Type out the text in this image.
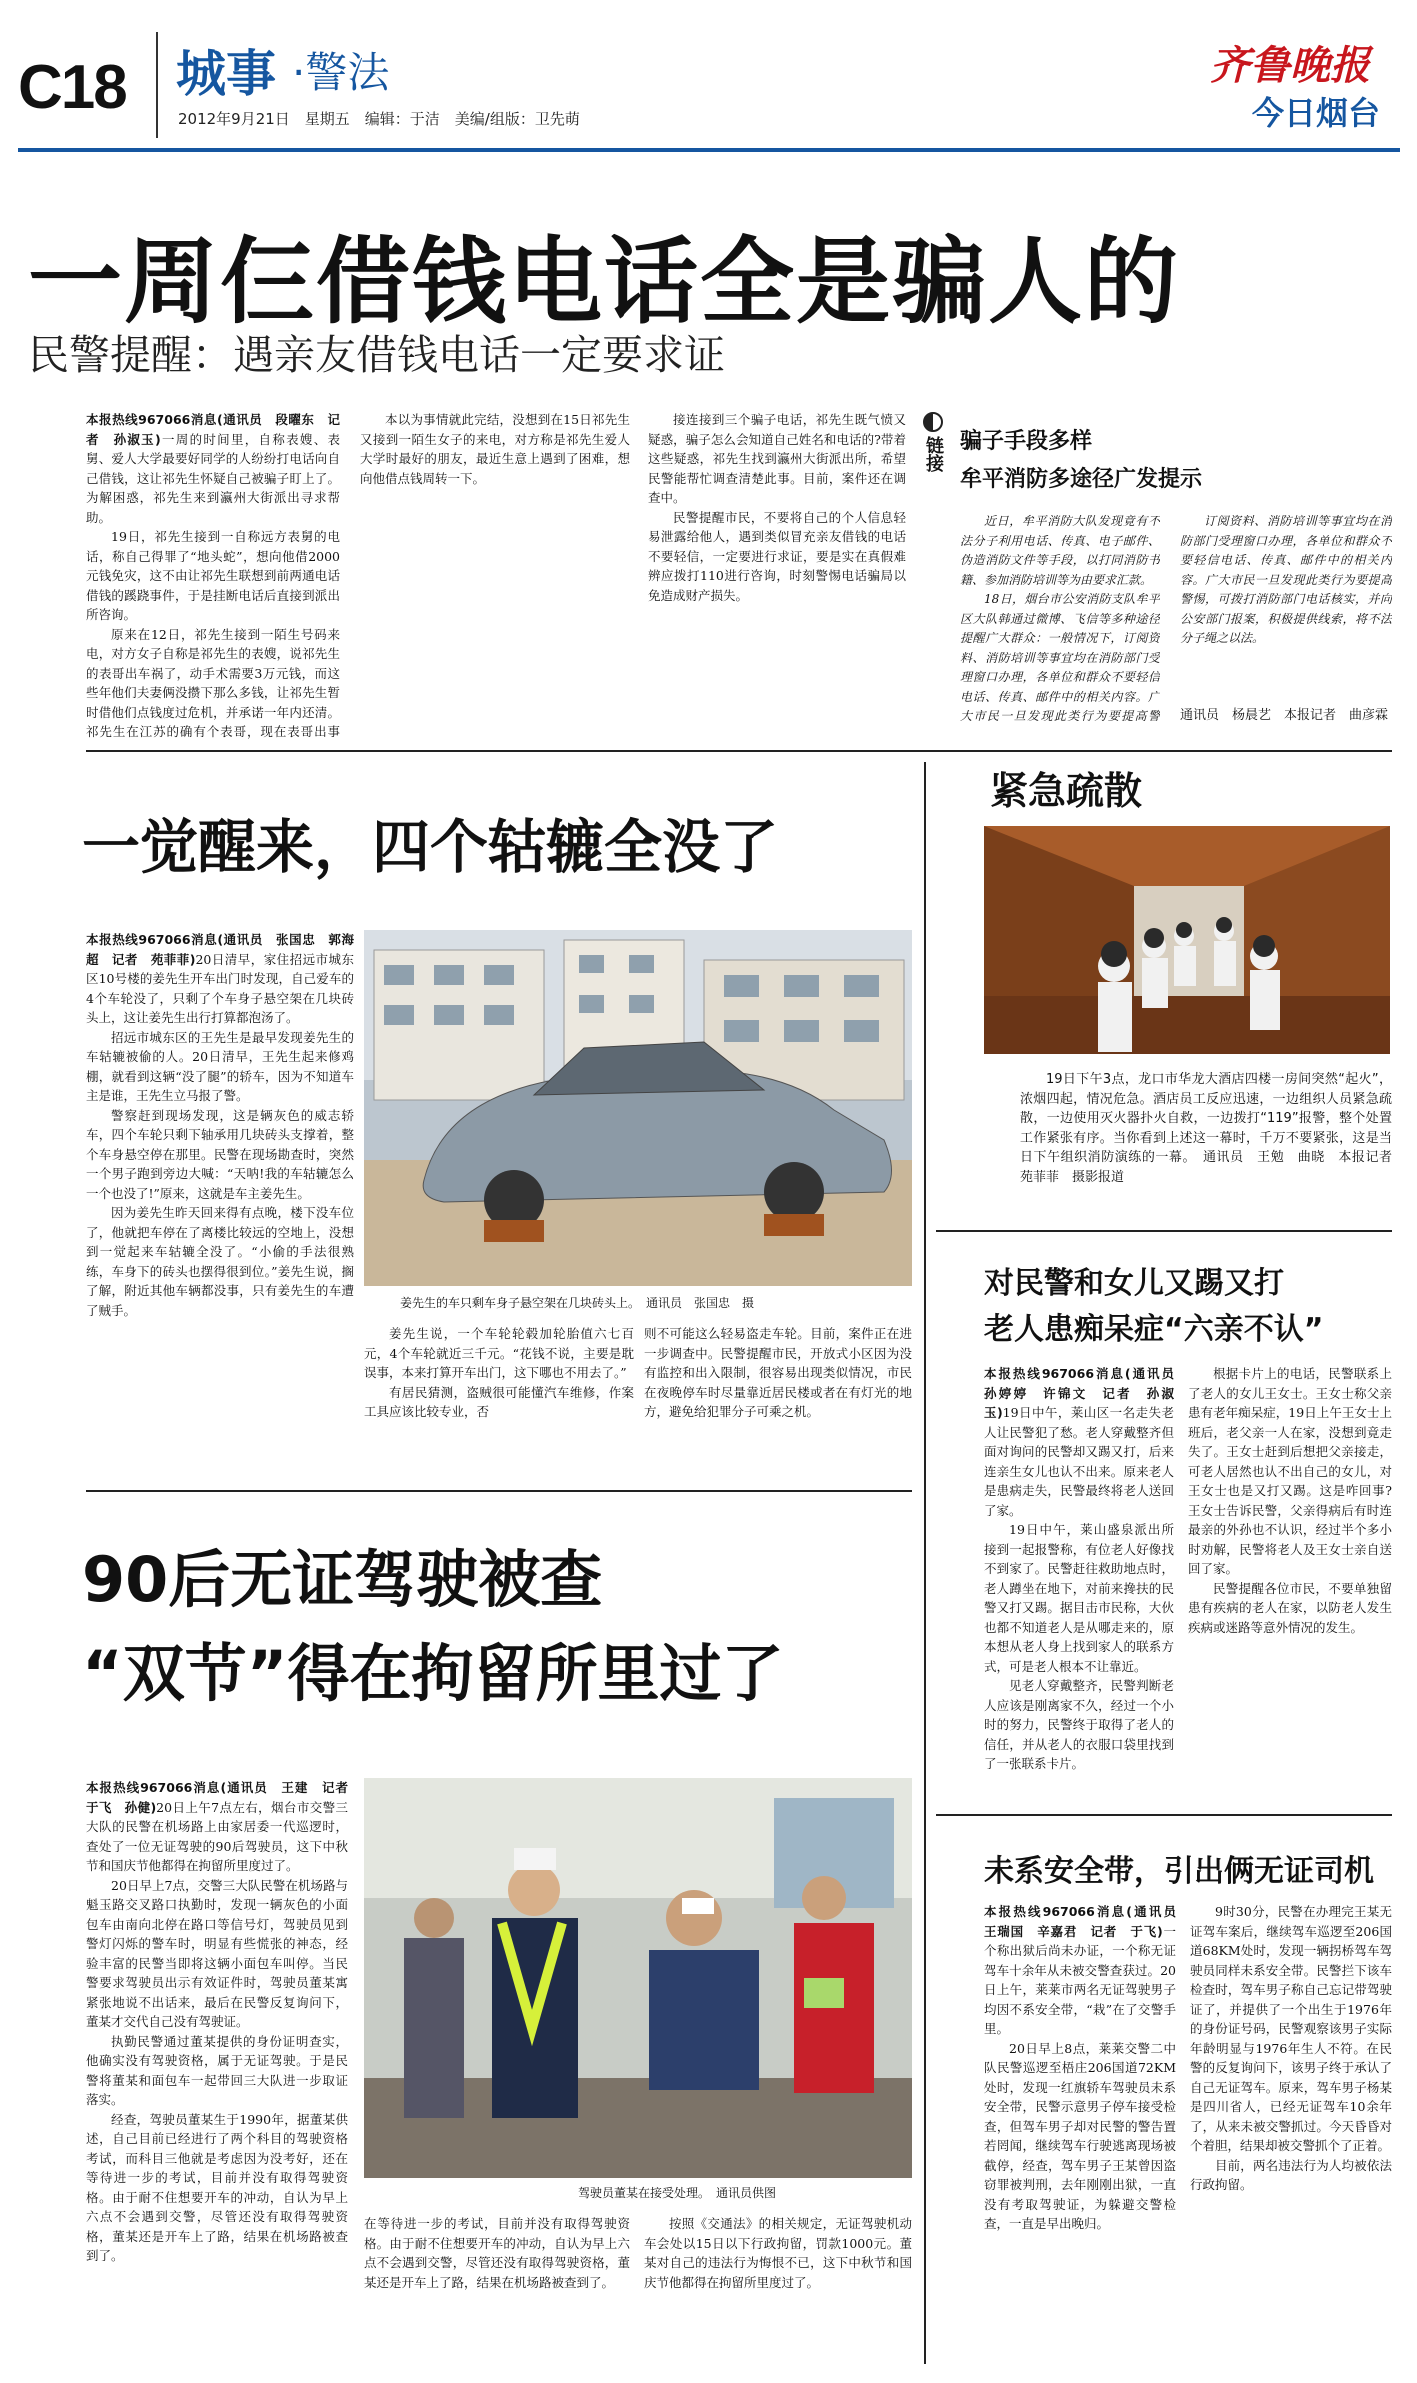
C18 城事 ·警法
2012年9月21日　星期五　编辑：于洁　美编/组版：卫先萌
齐鲁晚报
今日烟台
一周仨借钱电话全是骗人的
民警提醒：遇亲友借钱电话一定要求证

本报热线967066消息(通讯员　段曜东　记者　孙淑玉)一周的时间里，自称表嫂、表舅、爱人大学最要好同学的人纷纷打电话向自己借钱，这让祁先生怀疑自己被骗子盯上了。为解困惑，祁先生来到瀛州大街派出寻求帮助。

19日，祁先生接到一自称远方表舅的电话，称自己得罪了“地头蛇”，想向他借2000元钱免灾，这不由让祁先生联想到前两通电话借钱的蹊跷事件，于是挂断电话后直接到派出所咨询。

原来在12日，祁先生接到一陌生号码来电，对方女子自称是祁先生的表嫂，说祁先生的表哥出车祸了，动手术需要3万元钱，而这些年他们夫妻俩没攒下那么多钱，让祁先生暂时借他们点钱度过危机，并承诺一年内还清。祁先生在江苏的确有个表哥，现在表哥出事

本以为事情就此完结，没想到在15日祁先生又接到一陌生女子的来电，对方称是祁先生爱人大学时最好的朋友，最近生意上遇到了困难，想向他借点钱周转一下。

接连接到三个骗子电话，祁先生既气愤又疑惑，骗子怎么会知道自己姓名和电话的?带着这些疑惑，祁先生找到瀛州大街派出所，希望民警能帮忙调查清楚此事。目前，案件还在调查中。

民警提醒市民，不要将自己的个人信息轻易泄露给他人，遇到类似冒充亲友借钱的电话不要轻信，一定要进行求证，要是实在真假难辨应拨打110进行咨询，时刻警惕电话骗局以免造成财产损失。

链接 骗子手段多样
牟平消防多途径广发提示

近日，牟平消防大队发现竟有不法分子利用电话、传真、电子邮件、伪造消防文件等手段，以打同消防书籍、参加消防培训等为由要求汇款。

18日，烟台市公安消防支队牟平区大队韩通过微博、飞信等多种途径提醒广大群众：一般情况下，订阅资料、消防培训等事宜均在消防部门受理窗口办理，各单位和群众不要轻信电话、传真、邮件中的相关内容。广大市民一旦发现此类行为要提高警

订阅资料、消防培训等事宜均在消防部门受理窗口办理，各单位和群众不要轻信电话、传真、邮件中的相关内容。广大市民一旦发现此类行为要提高警惕，可拨打消防部门电话核实，并向公安部门报案，积极提供线索，将不法分子绳之以法。

通讯员　杨晨艺　本报记者　曲彦霖
一觉醒来，四个轱辘全没了

本报热线967066消息(通讯员　张国忠　郭海超　记者　苑菲菲)20日清早，家住招远市城东区10号楼的姜先生开车出门时发现，自己爱车的4个车轮没了，只剩了个车身子悬空架在几块砖头上，这让姜先生出行打算都泡汤了。

招远市城东区的王先生是最早发现姜先生的车轱辘被偷的人。20日清早，王先生起来修鸡棚，就看到这辆“没了腿”的轿车，因为不知道车主是谁，王先生立马报了警。

警察赶到现场发现，这是辆灰色的威志轿车，四个车轮只剩下轴承用几块砖头支撑着，整个车身悬空停在那里。民警在现场勘查时，突然一个男子跑到旁边大喊：“天呐!我的车轱辘怎么一个也没了!”原来，这就是车主姜先生。

因为姜先生昨天回来得有点晚，楼下没车位了，他就把车停在了离楼比较远的空地上，没想到一觉起来车轱辘全没了。“小偷的手法很熟练，车身下的砖头也摆得很到位。”姜先生说，搁了解，附近其他车辆都没事，只有姜先生的车遭了贼手。	姜先生的车只剩车身子悬空架在几块砖头上。　通讯员　张国忠　摄

姜先生说，一个车轮轮毂加轮胎值六七百元，4个车轮就近三千元。“花钱不说，主要是耽误事，本来打算开车出门，这下哪也不用去了。”

有居民猜测，盗贼很可能懂汽车维修，作案工具应该比较专业，否

则不可能这么轻易盗走车轮。目前，案件正在进一步调查中。民警提醒市民，开放式小区因为没有监控和出入限制，很容易出现类似情况，市民在夜晚停车时尽量靠近居民楼或者在有灯光的地方，避免给犯罪分子可乘之机。

紧急疏散

19日下午3点，龙口市华龙大酒店四楼一房间突然“起火”，浓烟四起，情况危急。酒店员工反应迅速，一边组织人员紧急疏散，一边使用灭火器扑火自救，一边拨打“119”报警，整个处置工作紧张有序。当你看到上述这一幕时，千万不要紧张，这是当日下午组织消防演练的一幕。　通讯员　王勉　曲晓　本报记者　苑菲菲　摄影报道

对民警和女儿又踢又打
老人患痴呆症“六亲不认”

本报热线967066消息(通讯员　孙婷婷　许锦文　记者　孙淑玉)19日中午，莱山区一名走失老人让民警犯了愁。老人穿戴整齐但面对询问的民警却又踢又打，后来连亲生女儿也认不出来。原来老人是患病走失，民警最终将老人送回了家。

19日中午，莱山盛泉派出所接到一起报警称，有位老人好像找不到家了。民警赶往救助地点时，老人蹲坐在地下，对前来搀扶的民警又打又踢。据目击市民称，大伙也都不知道老人是从哪走来的，原本想从老人身上找到家人的联系方式，可是老人根本不让靠近。

见老人穿戴整齐，民警判断老人应该是刚离家不久，经过一个小时的努力，民警终于取得了老人的信任，并从老人的衣服口袋里找到了一张联系卡片。

根据卡片上的电话，民警联系上了老人的女儿王女士。王女士称父亲患有老年痴呆症，19日上午王女士上班后，老父亲一人在家，没想到竟走失了。王女士赶到后想把父亲接走，可老人居然也认不出自己的女儿，对王女士也是又打又踢。这是咋回事?王女士告诉民警，父亲得病后有时连最亲的外孙也不认识，经过半个多小时劝解，民警将老人及王女士亲自送回了家。

民警提醒各位市民，不要单独留患有疾病的老人在家，以防老人发生疾病或迷路等意外情况的发生。

未系安全带，引出俩无证司机

本报热线967066消息(通讯员　王瑞国　辛嘉君　记者　于飞)一个称出狱后尚未办证，一个称无证驾车十余年从未被交警查获过。20日上午，莱莱市两名无证驾驶男子均因不系安全带，“栽”在了交警手里。

20日早上8点，莱莱交警二中队民警巡逻至梧庄206国道72KM处时，发现一红旗轿车驾驶员未系安全带，民警示意男子停车接受检查，但驾车男子却对民警的警告置若罔闻，继续驾车行驶逃离现场被截停，经查，驾车男子王某曾因盗窃罪被判刑，去年刚刚出狱，一直没有考取驾驶证，为躲避交警检查，一直是早出晚归。

9时30分，民警在办理完王某无证驾车案后，继续驾车巡逻至206国道68KM处时，发现一辆拐桥驾车驾驶员同样未系安全带。民警拦下该车检查时，驾车男子称自己忘记带驾驶证了，并提供了一个出生于1976年的身份证号码，民警观察该男子实际年龄明显与1976年生人不符。在民警的反复询问下，该男子终于承认了自己无证驾车。原来，驾车男子杨某是四川省人，已经无证驾车10余年了，从来未被交警抓过。今天昏昏对个着胆，结果却被交警抓个了正着。

目前，两名违法行为人均被依法行政拘留。

90后无证驾驶被查
“双节”得在拘留所里过了

本报热线967066消息(通讯员　王建　记者　于飞　孙健)20日上午7点左右，烟台市交警三大队的民警在机场路上由家居委一代巡逻时，查处了一位无证驾驶的90后驾驶员，这下中秋节和国庆节他都得在拘留所里度过了。

20日早上7点，交警三大队民警在机场路与魁玉路交叉路口执勤时，发现一辆灰色的小面包车由南向北停在路口等信号灯，驾驶员见到警灯闪烁的警车时，明显有些慌张的神态，经验丰富的民警当即将这辆小面包车叫停。当民警要求驾驶员出示有效证件时，驾驶员董某寓紧张地说不出话来，最后在民警反复询问下，董某才交代自己没有驾驶证。

执勤民警通过董某提供的身份证明查实，他确实没有驾驶资格，属于无证驾驶。于是民警将董某和面包车一起带回三大队进一步取证落实。

经查，驾驶员董某生于1990年，据董某供述，自己目前已经进行了两个科目的驾驶资格考试，而科目三他就是考虑因为没考好，还在等待进一步的考试，目前并没有取得驾驶资格。由于耐不住想要开车的冲动，自认为早上六点不会遇到交警，尽管还没有取得驾驶资格，董某还是开车上了路，结果在机场路被查到了。

驾驶员董某在接受处理。　通讯员供图

在等待进一步的考试，目前并没有取得驾驶资格。由于耐不住想要开车的冲动，自认为早上六点不会遇到交警，尽管还没有取得驾驶资格，董某还是开车上了路，结果在机场路被查到了。

按照《交通法》的相关规定，无证驾驶机动车会处以15日以下行政拘留，罚款1000元。董某对自己的违法行为悔恨不已，这下中秋节和国庆节他都得在拘留所里度过了。
